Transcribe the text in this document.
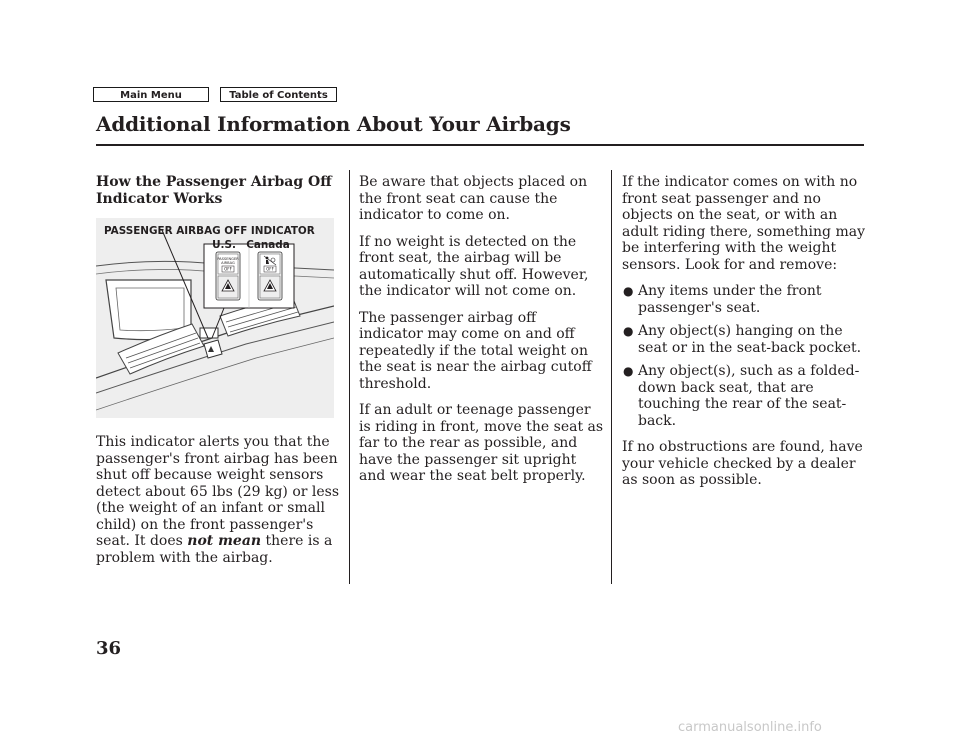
Main Menu	Table of Contents
Additional Information About Your Airbags
How the Passenger Airbag Off
Indicator Works
PASSENGER
AIRBAG
OFF	OFF
PASSENGER AIRBAG OFF INDICATOR
U.S. Canada

This indicator alerts you that the passenger's front airbag has been shut off because weight sensors detect about 65 lbs (29 kg) or less (the weight of an infant or small child) on the front passenger's seat. It does not mean there is a problem with the airbag.

Be aware that objects placed on the front seat can cause the indicator to come on.

If no weight is detected on the front seat, the airbag will be automatically shut off. However, the indicator will not come on.

The passenger airbag off indicator may come on and off repeatedly if the total weight on the seat is near the airbag cutoff threshold.

If an adult or teenage passenger is riding in front, move the seat as far to the rear as possible, and have the passenger sit upright and wear the seat belt properly.

If the indicator comes on with no front seat passenger and no objects on the seat, or with an adult riding there, something may be interfering with the weight sensors. Look for and remove:

● Any items under the front passenger's seat.
● Any object(s) hanging on the seat or in the seat-back pocket.
● Any object(s), such as a folded-down back seat, that are touching the rear of the seat-back.

If no obstructions are found, have your vehicle checked by a dealer as soon as possible.

36
carmanualsonline.info
